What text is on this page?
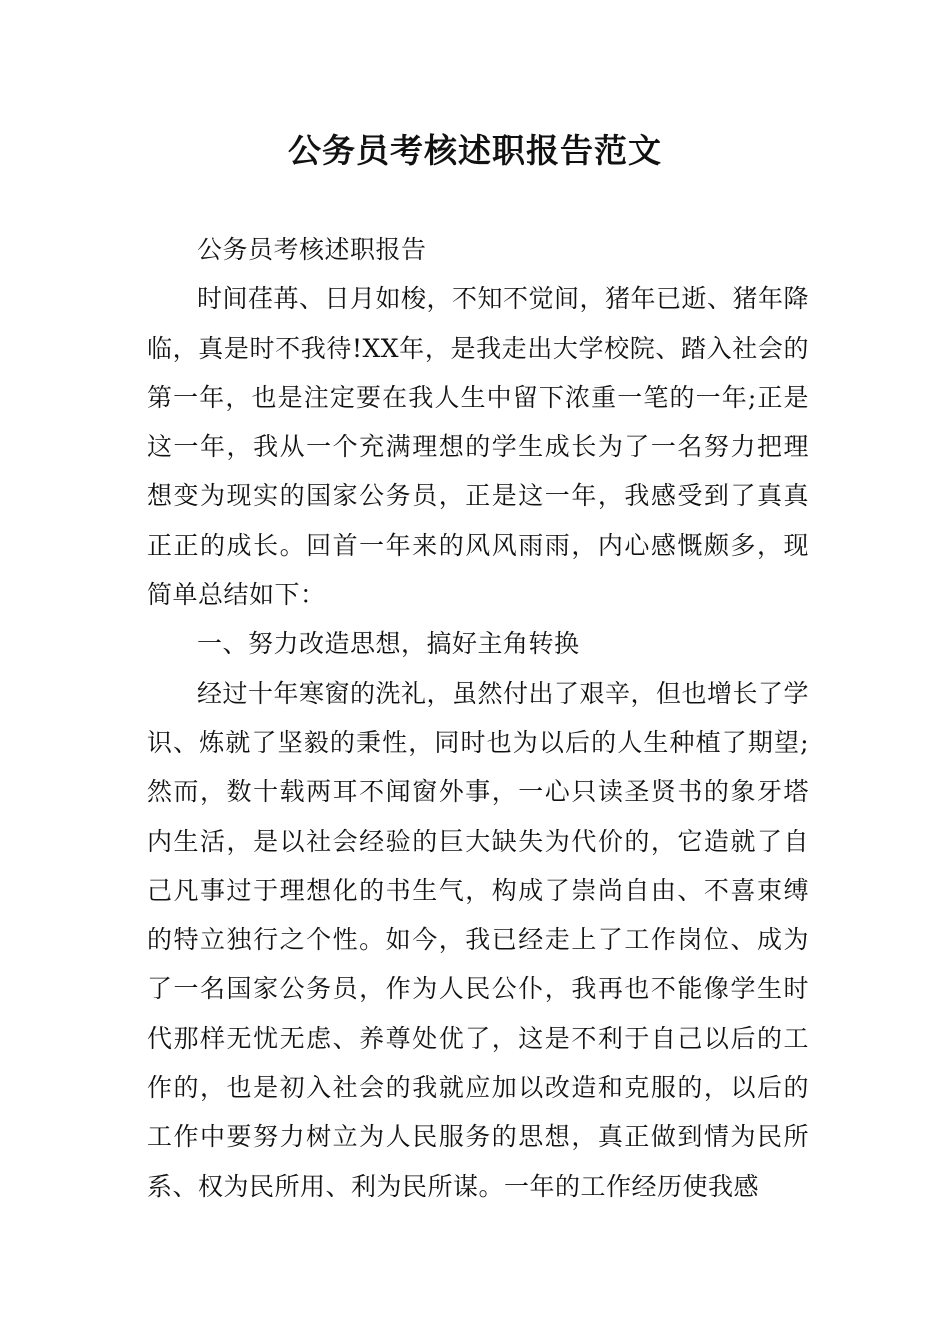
公务员考核述职报告范文

公务员考核述职报告

时间荏苒、日月如梭，不知不觉间，猪年已逝、猪年降临，真是时不我待!XX年，是我走出大学校院、踏入社会的第一年，也是注定要在我人生中留下浓重一笔的一年;正是这一年，我从一个充满理想的学生成长为了一名努力把理想变为现实的国家公务员，正是这一年，我感受到了真真正正的成长。回首一年来的风风雨雨，内心感慨颇多，现简单总结如下：

一、努力改造思想，搞好主角转换

经过十年寒窗的洗礼，虽然付出了艰辛，但也增长了学识、炼就了坚毅的秉性，同时也为以后的人生种植了期望;然而，数十载两耳不闻窗外事，一心只读圣贤书的象牙塔内生活，是以社会经验的巨大缺失为代价的，它造就了自己凡事过于理想化的书生气，构成了崇尚自由、不喜束缚的特立独行之个性。如今，我已经走上了工作岗位、成为了一名国家公务员，作为人民公仆，我再也不能像学生时代那样无忧无虑、养尊处优了，这是不利于自己以后的工作的，也是初入社会的我就应加以改造和克服的，以后的工作中要努力树立为人民服务的思想，真正做到情为民所系、权为民所用、利为民所谋。一年的工作经历使我感
